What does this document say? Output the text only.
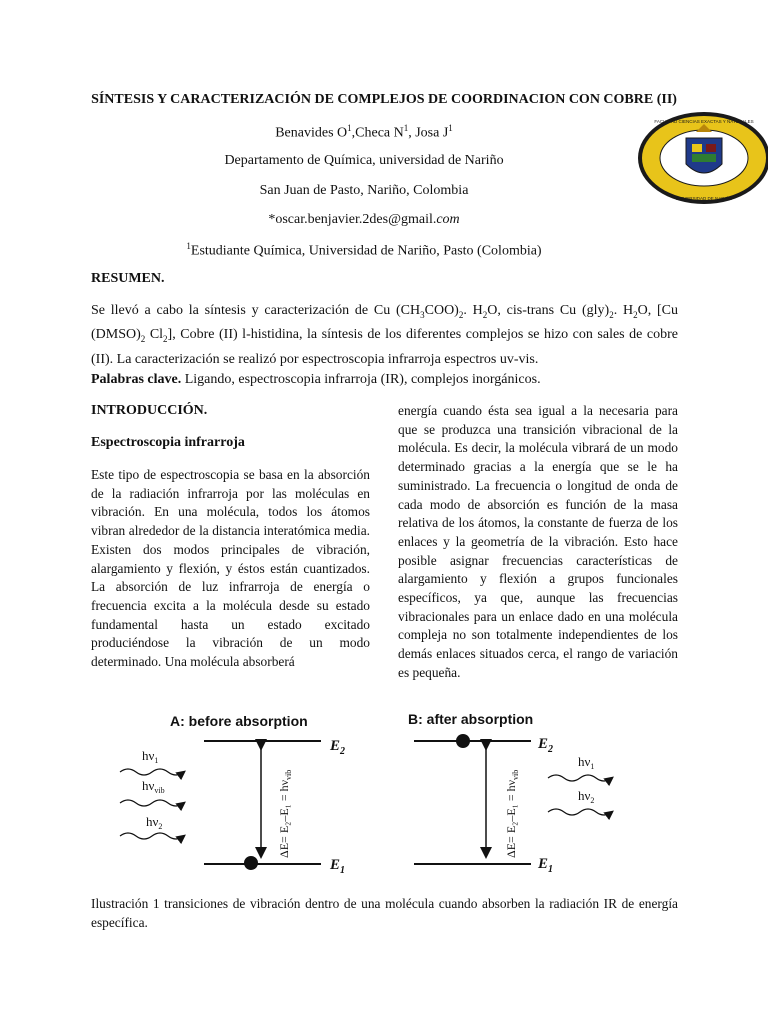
SÍNTESIS Y CARACTERIZACIÓN DE COMPLEJOS DE COORDINACION CON COBRE (II)
Benavides $O^1,Checa$ $N^1$, Josa $J^1$
Departamento de Química, universidad de Nariño
San Juan de Pasto, Nariño, Colombia
*oscar.benjavier.2des@gmail.com
$^1$Estudiante Química, Universidad de Nariño, Pasto (Colombia)
FACULTAD CIENCIAS EXACTAS Y NATURALES
UNIVERSIDAD DE NARIÑO
RESUMEN.
Se llevó a cabo la síntesis y caracterización de Cu $(CH_3COO)_2$. $H_2O$, cis-trans Cu $(gly)_2$. $H_2O$, [Cu $(DMSO)_2$ $Cl_2$], Cobre (II) l-histidina, la síntesis de los diferentes complejos se hizo con sales de cobre (II). La caracterización se realizó por espectroscopia infrarroja espectros uv-vis.
Palabras clave. Ligando, espectroscopia infrarroja (IR), complejos inorgánicos.
INTRODUCCIÓN.
Espectroscopia infrarroja
Este tipo de espectroscopia se basa en la absorción de la radiación infrarroja por las moléculas en vibración. En una molécula, todos los átomos vibran alrededor de la distancia interatómica media. Existen dos modos principales de vibración, alargamiento y flexión, y éstos están cuantizados. La absorción de luz infrarroja de energía o frecuencia excita a la molécula desde su estado fundamental hasta un estado excitado produciéndose la vibración de un modo determinado. Una molécula absorberá
energía cuando ésta sea igual a la necesaria para que se produzca una transición vibracional de la molécula. Es decir, la molécula vibrará de un modo determinado gracias a la energía que se le ha suministrado. La frecuencia o longitud de onda de cada modo de absorción es función de la masa relativa de los átomos, la constante de fuerza de los enlaces y la geometría de la vibración. Esto hace posible asignar frecuencias características de alargamiento y flexión a grupos funcionales específicos, ya que, aunque las frecuencias vibracionales para un enlace dado en una molécula compleja no son totalmente independientes de los demás enlaces situados cerca, el rango de variación es pequeña.
A: before absorption
$\Delta E= E_2-E_1 = h\nu_{vib}$
$E_2$
$E_1$
$h\nu_1$
$h\nu_{vib}$
$h\nu_2$
B: after absorption
$\Delta E= E_2-E_1 = h\nu_{vib}$
$E_2$
$E_1$
$h\nu_1$
$h\nu_2$
Ilustración 1 transiciones de vibración dentro de una molécula cuando absorben la radiación IR de energía específica.
